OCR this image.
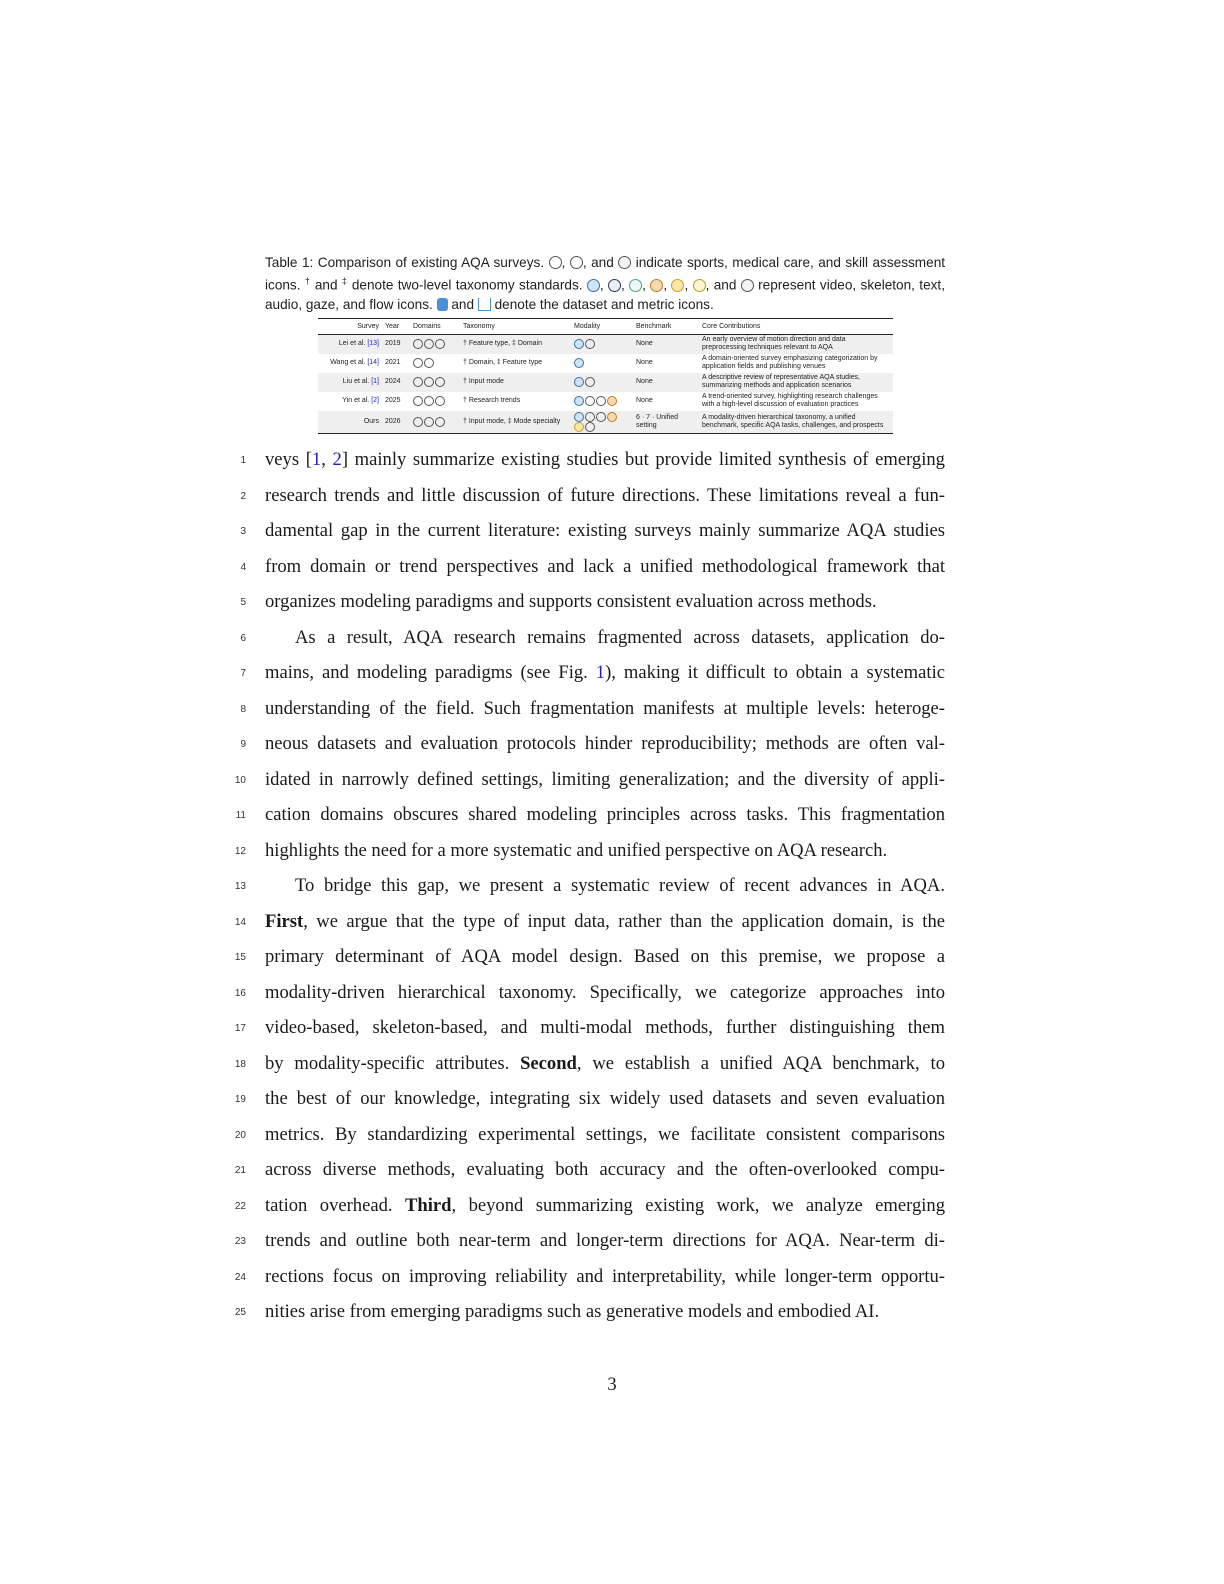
Table 1: Comparison of existing AQA surveys. , , and indicate sports, medical care, and skill assessment icons. † and ‡ denote two-level taxonomy standards. , , , , , , and represent video, skeleton, text, audio, gaze, and flow icons. and denote the dataset and metric icons.
Survey	Year	Domains	Taxonomy	Modality	Benchmark	Core Contributions
Lei et al. [13]	2019		† Feature type, ‡ Domain		None	An early overview of motion direction and data preprocessing techniques relevant to AQA
Wang et al. [14]	2021		† Domain, ‡ Feature type		None	A domain-oriented survey emphasizing categorization by application fields and publishing venues
Liu et al. [1]	2024		† Input mode		None	A descriptive review of representative AQA studies, summarizing methods and application scenarios
Yin et al. [2]	2025		† Research trends		None	A trend-oriented survey, highlighting research challenges with a high-level discussion of evaluation practices
Ours	2026		† Input mode, ‡ Mode specialty		6 · 7 · Unified setting	A modality-driven hierarchical taxonomy, a unified benchmark, specific AQA tasks, challenges, and prospects
1 veys [1, 2] mainly summarize existing studies but provide limited synthesis of emerging
2 research trends and little discussion of future directions. These limitations reveal a fun-
3 damental gap in the current literature: existing surveys mainly summarize AQA studies
4 from domain or trend perspectives and lack a unified methodological framework that
5 organizes modeling paradigms and supports consistent evaluation across methods.
6	As a result, AQA research remains fragmented across datasets, application do-
7 mains, and modeling paradigms (see Fig. 1), making it difficult to obtain a systematic
8 understanding of the field. Such fragmentation manifests at multiple levels: heteroge-
9 neous datasets and evaluation protocols hinder reproducibility; methods are often val-
10 idated in narrowly defined settings, limiting generalization; and the diversity of appli-
11 cation domains obscures shared modeling principles across tasks. This fragmentation
12 highlights the need for a more systematic and unified perspective on AQA research.
13	To bridge this gap, we present a systematic review of recent advances in AQA.
14 First, we argue that the type of input data, rather than the application domain, is the
15 primary determinant of AQA model design. Based on this premise, we propose a
16 modality-driven hierarchical taxonomy. Specifically, we categorize approaches into
17 video-based, skeleton-based, and multi-modal methods, further distinguishing them
18 by modality-specific attributes. Second, we establish a unified AQA benchmark, to
19 the best of our knowledge, integrating six widely used datasets and seven evaluation
20 metrics. By standardizing experimental settings, we facilitate consistent comparisons
21 across diverse methods, evaluating both accuracy and the often-overlooked compu-
22 tation overhead. Third, beyond summarizing existing work, we analyze emerging
23 trends and outline both near-term and longer-term directions for AQA. Near-term di-
24 rections focus on improving reliability and interpretability, while longer-term opportu-
25 nities arise from emerging paradigms such as generative models and embodied AI.
3
